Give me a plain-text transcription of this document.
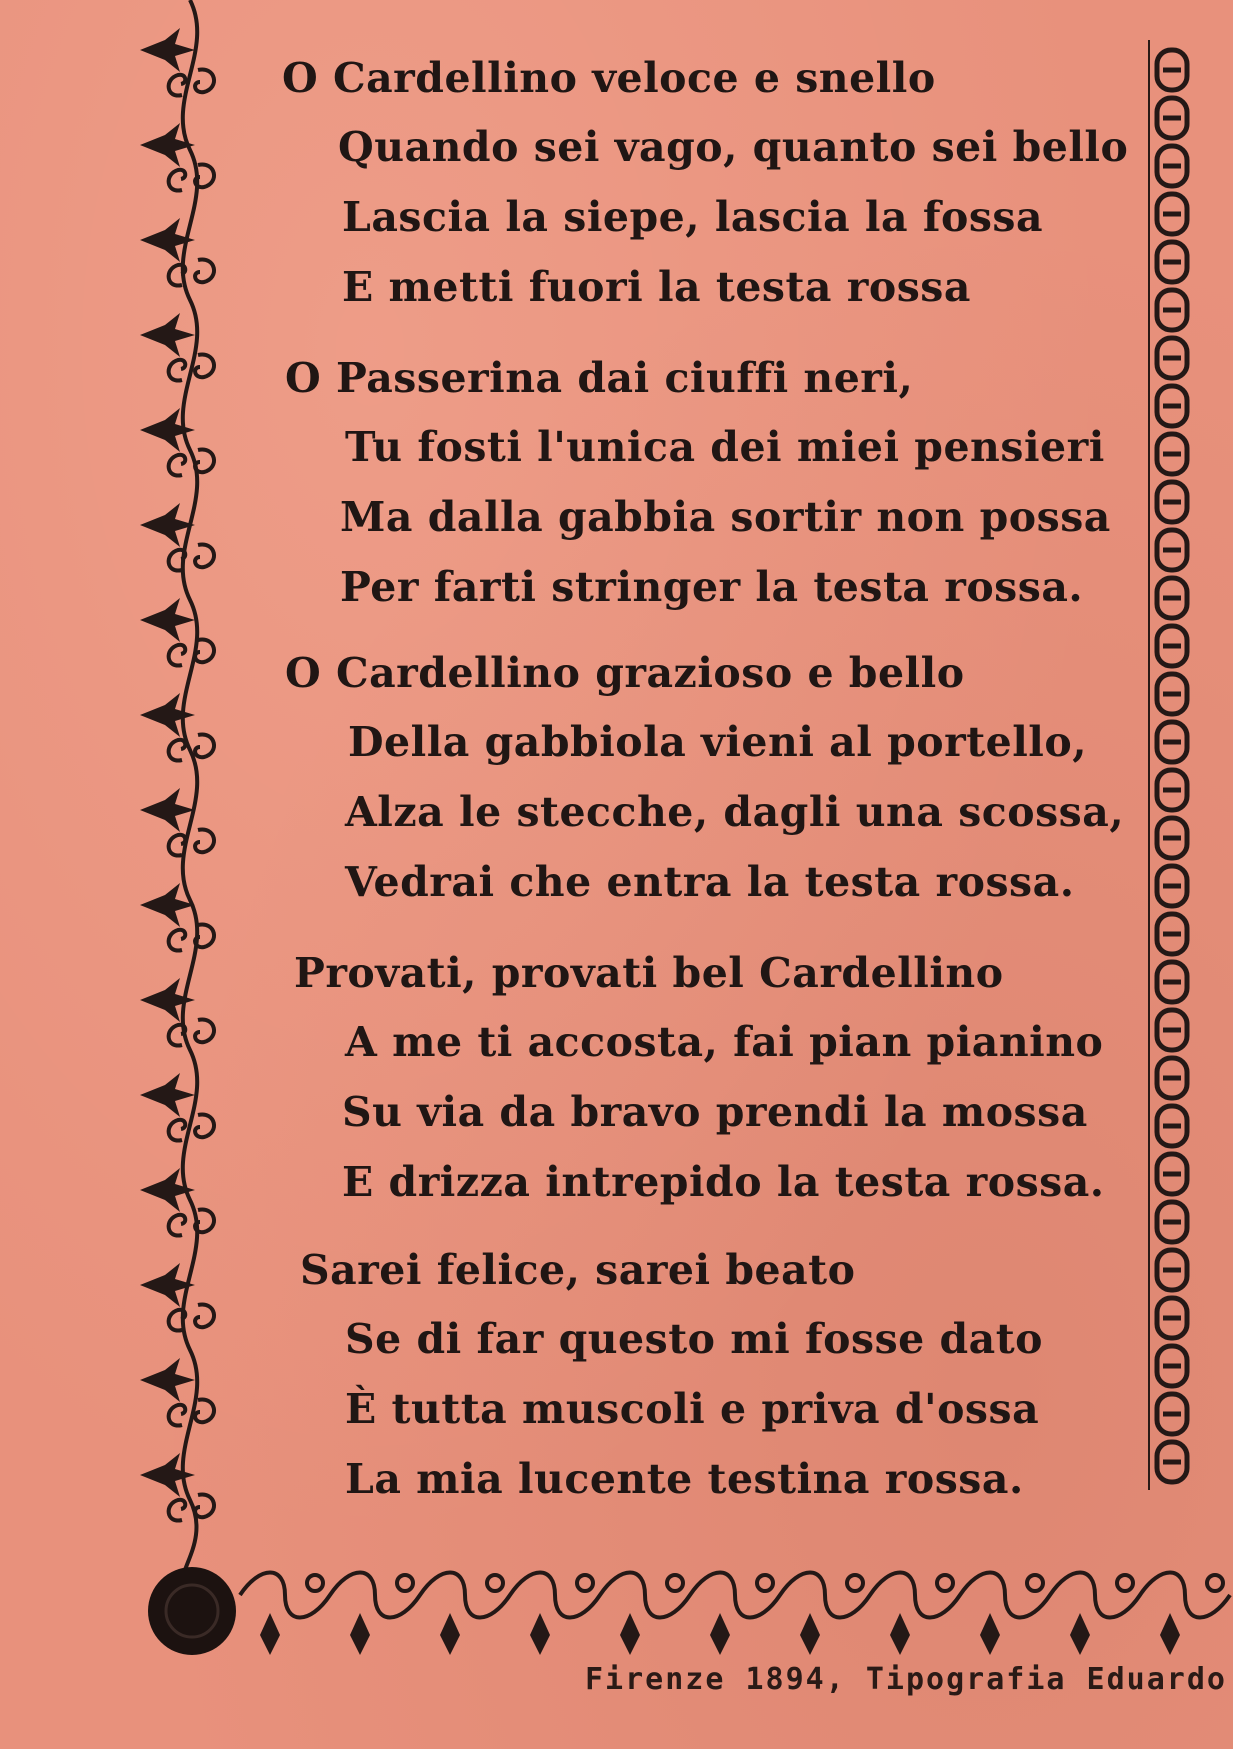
O Cardellino veloce e snello
Quando sei vago, quanto sei bello
Lascia la siepe, lascia la fossa
E metti fuori la testa rossa
O Passerina dai ciuffi neri,
Tu fosti l'unica dei miei pensieri
Ma dalla gabbia sortir non possa
Per farti stringer la testa rossa.
O Cardellino grazioso e bello
Della gabbiola vieni al portello,
Alza le stecche, dagli una scossa,
Vedrai che entra la testa rossa.
Provati, provati bel Cardellino
A me ti accosta, fai pian pianino
Su via da bravo prendi la mossa
E drizza intrepido la testa rossa.
Sarei felice, sarei beato
Se di far questo mi fosse dato
È tutta muscoli e priva d'ossa
La mia lucente testina rossa.
Firenze 1894, Tipografia Eduardo
